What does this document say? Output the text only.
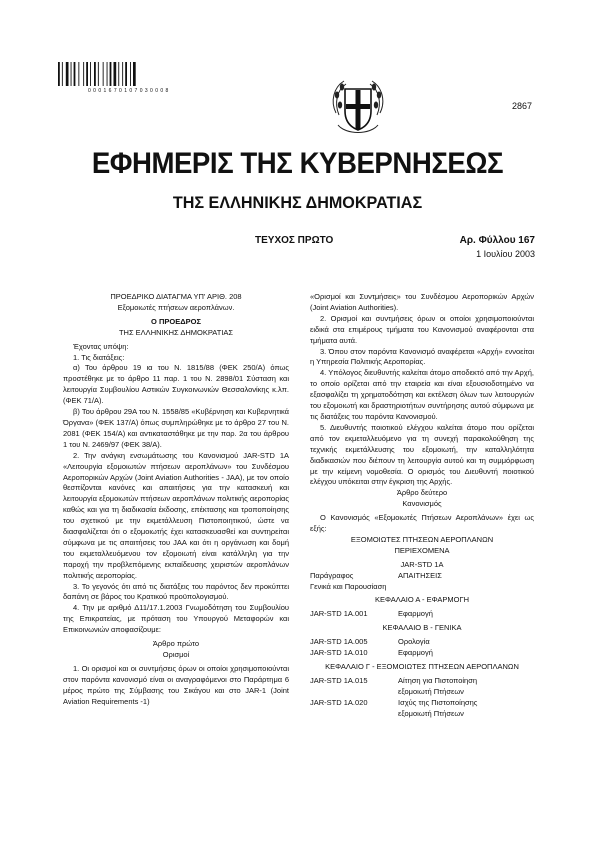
0 0 0 1 6 7 0 1 0 7 0 3 0 0 0 8
2867
ΕΦΗΜΕΡΙΣ ΤΗΣ ΚΥΒΕΡΝΗΣΕΩΣ
ΤΗΣ ΕΛΛΗΝΙΚΗΣ ΔΗΜΟΚΡΑΤΙΑΣ
ΤΕΥΧΟΣ ΠΡΩΤΟ	Αρ. Φύλλου 167
1 Ιουλίου 2003

ΠΡΟΕΔΡΙΚΟ ΔΙΑΤΑΓΜΑ ΥΠ' ΑΡΙΘ. 208

Εξομοιωτές πτήσεων αεροπλάνων.

Ο ΠΡΟΕΔΡΟΣ

ΤΗΣ ΕΛΛΗΝΙΚΗΣ ΔΗΜΟΚΡΑΤΙΑΣ

Έχοντας υπόψη:

1. Τις διατάξεις:

α) Του άρθρου 19 ια του Ν. 1815/88 (ΦΕΚ 250/Α) όπως προστέθηκε με το άρθρο 11 παρ. 1 του Ν. 2898/01 Σύσταση και λειτουργία Συμβουλίου Αστικών Συγκοινωνιών Θεσσαλονίκης κ.λπ. (ΦΕΚ 71/Α).

β) Του άρθρου 29Α του Ν. 1558/85 «Κυβέρνηση και Κυβερνητικά Όργανα» (ΦΕΚ 137/Α) όπως συμπληρώθηκε με το άρθρο 27 του Ν. 2081 (ΦΕΚ 154/Α) και αντικαταστάθηκε με την παρ. 2α του άρθρου 1 του Ν. 2469/97 (ΦΕΚ 38/Α).

2. Την ανάγκη ενσωμάτωσης του Κανονισμού JAR-STD 1A «Λειτουργία εξομοιωτών πτήσεων αεροπλάνων» του Συνδέσμου Αεροπορικών Αρχών (Joint Aviation Authorities - JAA), με τον οποίο θεσπίζονται κανόνες και απαιτήσεις για την κατασκευή και λειτουργία εξομοιωτών πτήσεων αεροπλάνων πολιτικής αεροπορίας καθώς και για τη διαδικασία έκδοσης, επέκτασης και τροποποίησης του σχετικού με την εκμετάλλευση Πιστοποιητικού, ώστε να διασφαλίζεται ότι ο εξομοιωτής έχει κατασκευασθεί και συντηρείται σύμφωνα με τις απαιτήσεις του JAA και ότι η οργάνωση και δομή του εκμεταλλευόμενου τον εξομοιωτή είναι κατάλληλη για την παροχή την προβλεπόμενης εκπαίδευσης χειριστών αεροπλάνων πολιτικής αεροπορίας.

3. Το γεγονός ότι από τις διατάξεις του παρόντος δεν προκύπτει δαπάνη σε βάρος του Κρατικού προϋπολογισμού.

4. Την με αριθμό Δ11/17.1.2003 Γνωμοδότηση του Συμβουλίου της Επικρατείας, με πρόταση του Υπουργού Μεταφορών και Επικοινωνιών αποφασίζουμε:

Άρθρο πρώτο

Ορισμοί

1. Οι ορισμοί και οι συντμήσεις όρων οι οποίοι χρησιμοποιούνται στον παρόντα κανονισμό είναι οι αναγραφόμενοι στο Παράρτημα 6 μέρος πρώτο της Σύμβασης του Σικάγου και στο JAR-1 (Joint Aviation Requirements -1)

«Ορισμοί και Συντμήσεις» του Συνδέσμου Αεροπορικών Αρχών (Joint Aviation Authorities).

2. Ορισμοί και συντμήσεις όρων οι οποίοι χρησιμοποιούνται ειδικά στα επιμέρους τμήματα του Κανονισμού αναφέρονται στα τμήματα αυτά.

3. Όπου στον παρόντα Κανονισμό αναφέρεται «Αρχή» εννοείται η Υπηρεσία Πολιτικής Αεροπορίας.

4. Υπόλογος διευθυντής καλείται άτομο αποδεκτό από την Αρχή, το οποίο ορίζεται από την εταιρεία και είναι εξουσιοδοτημένο να εξασφαλίζει τη χρηματοδότηση και εκτέλεση όλων των λειτουργιών του εξομοιωτή και δραστηριοτήτων συντήρησης αυτού σύμφωνα με τις διατάξεις του παρόντα Κανονισμού.

5. Διευθυντής ποιοτικού ελέγχου καλείται άτομο που ορίζεται από τον εκμεταλλευόμενο για τη συνεχή παρακολούθηση της τεχνικής εκμετάλλευσης του εξομοιωτή, την καταλληλότητα διαδικασιών που διέπουν τη λειτουργία αυτού και τη συμμόρφωση με την κείμενη νομοθεσία. Ο ορισμός του Διευθυντή ποιοτικού ελέγχου υπόκειται στην έγκριση της Αρχής.

Άρθρο δεύτερο

Κανονισμός

Ο Κανονισμός «Εξομοιωτές Πτήσεων Αεροπλάνων» έχει ως εξής:

ΕΞΟΜΟΙΩΤΕΣ ΠΤΗΣΕΩΝ ΑΕΡΟΠΛΑΝΩΝ

ΠΕΡΙΕΧΟΜΕΝΑ

JAR-STD 1A

Παράγραφος	ΑΠΑΙΤΗΣΕΙΣ

Γενικά και Παρουσίαση

ΚΕΦΑΛΑΙΟ Α - ΕΦΑΡΜΟΓΗ

JAR-STD 1A.001	Εφαρμογή

ΚΕΦΑΛΑΙΟ Β - ΓΕΝΙΚΑ

JAR-STD 1A.005	Ορολογία
JAR-STD 1A.010	Εφαρμογή

ΚΕΦΑΛΑΙΟ Γ - ΕΞΟΜΟΙΩΤΕΣ ΠΤΗΣΕΩΝ ΑΕΡΟΠΛΑΝΩΝ

JAR-STD 1A.015	Αίτηση για Πιστοποίηση
εξομοιωτή Πτήσεων
JAR-STD 1A.020	Ισχύς της Πιστοποίησης
εξομοιωτή Πτήσεων
